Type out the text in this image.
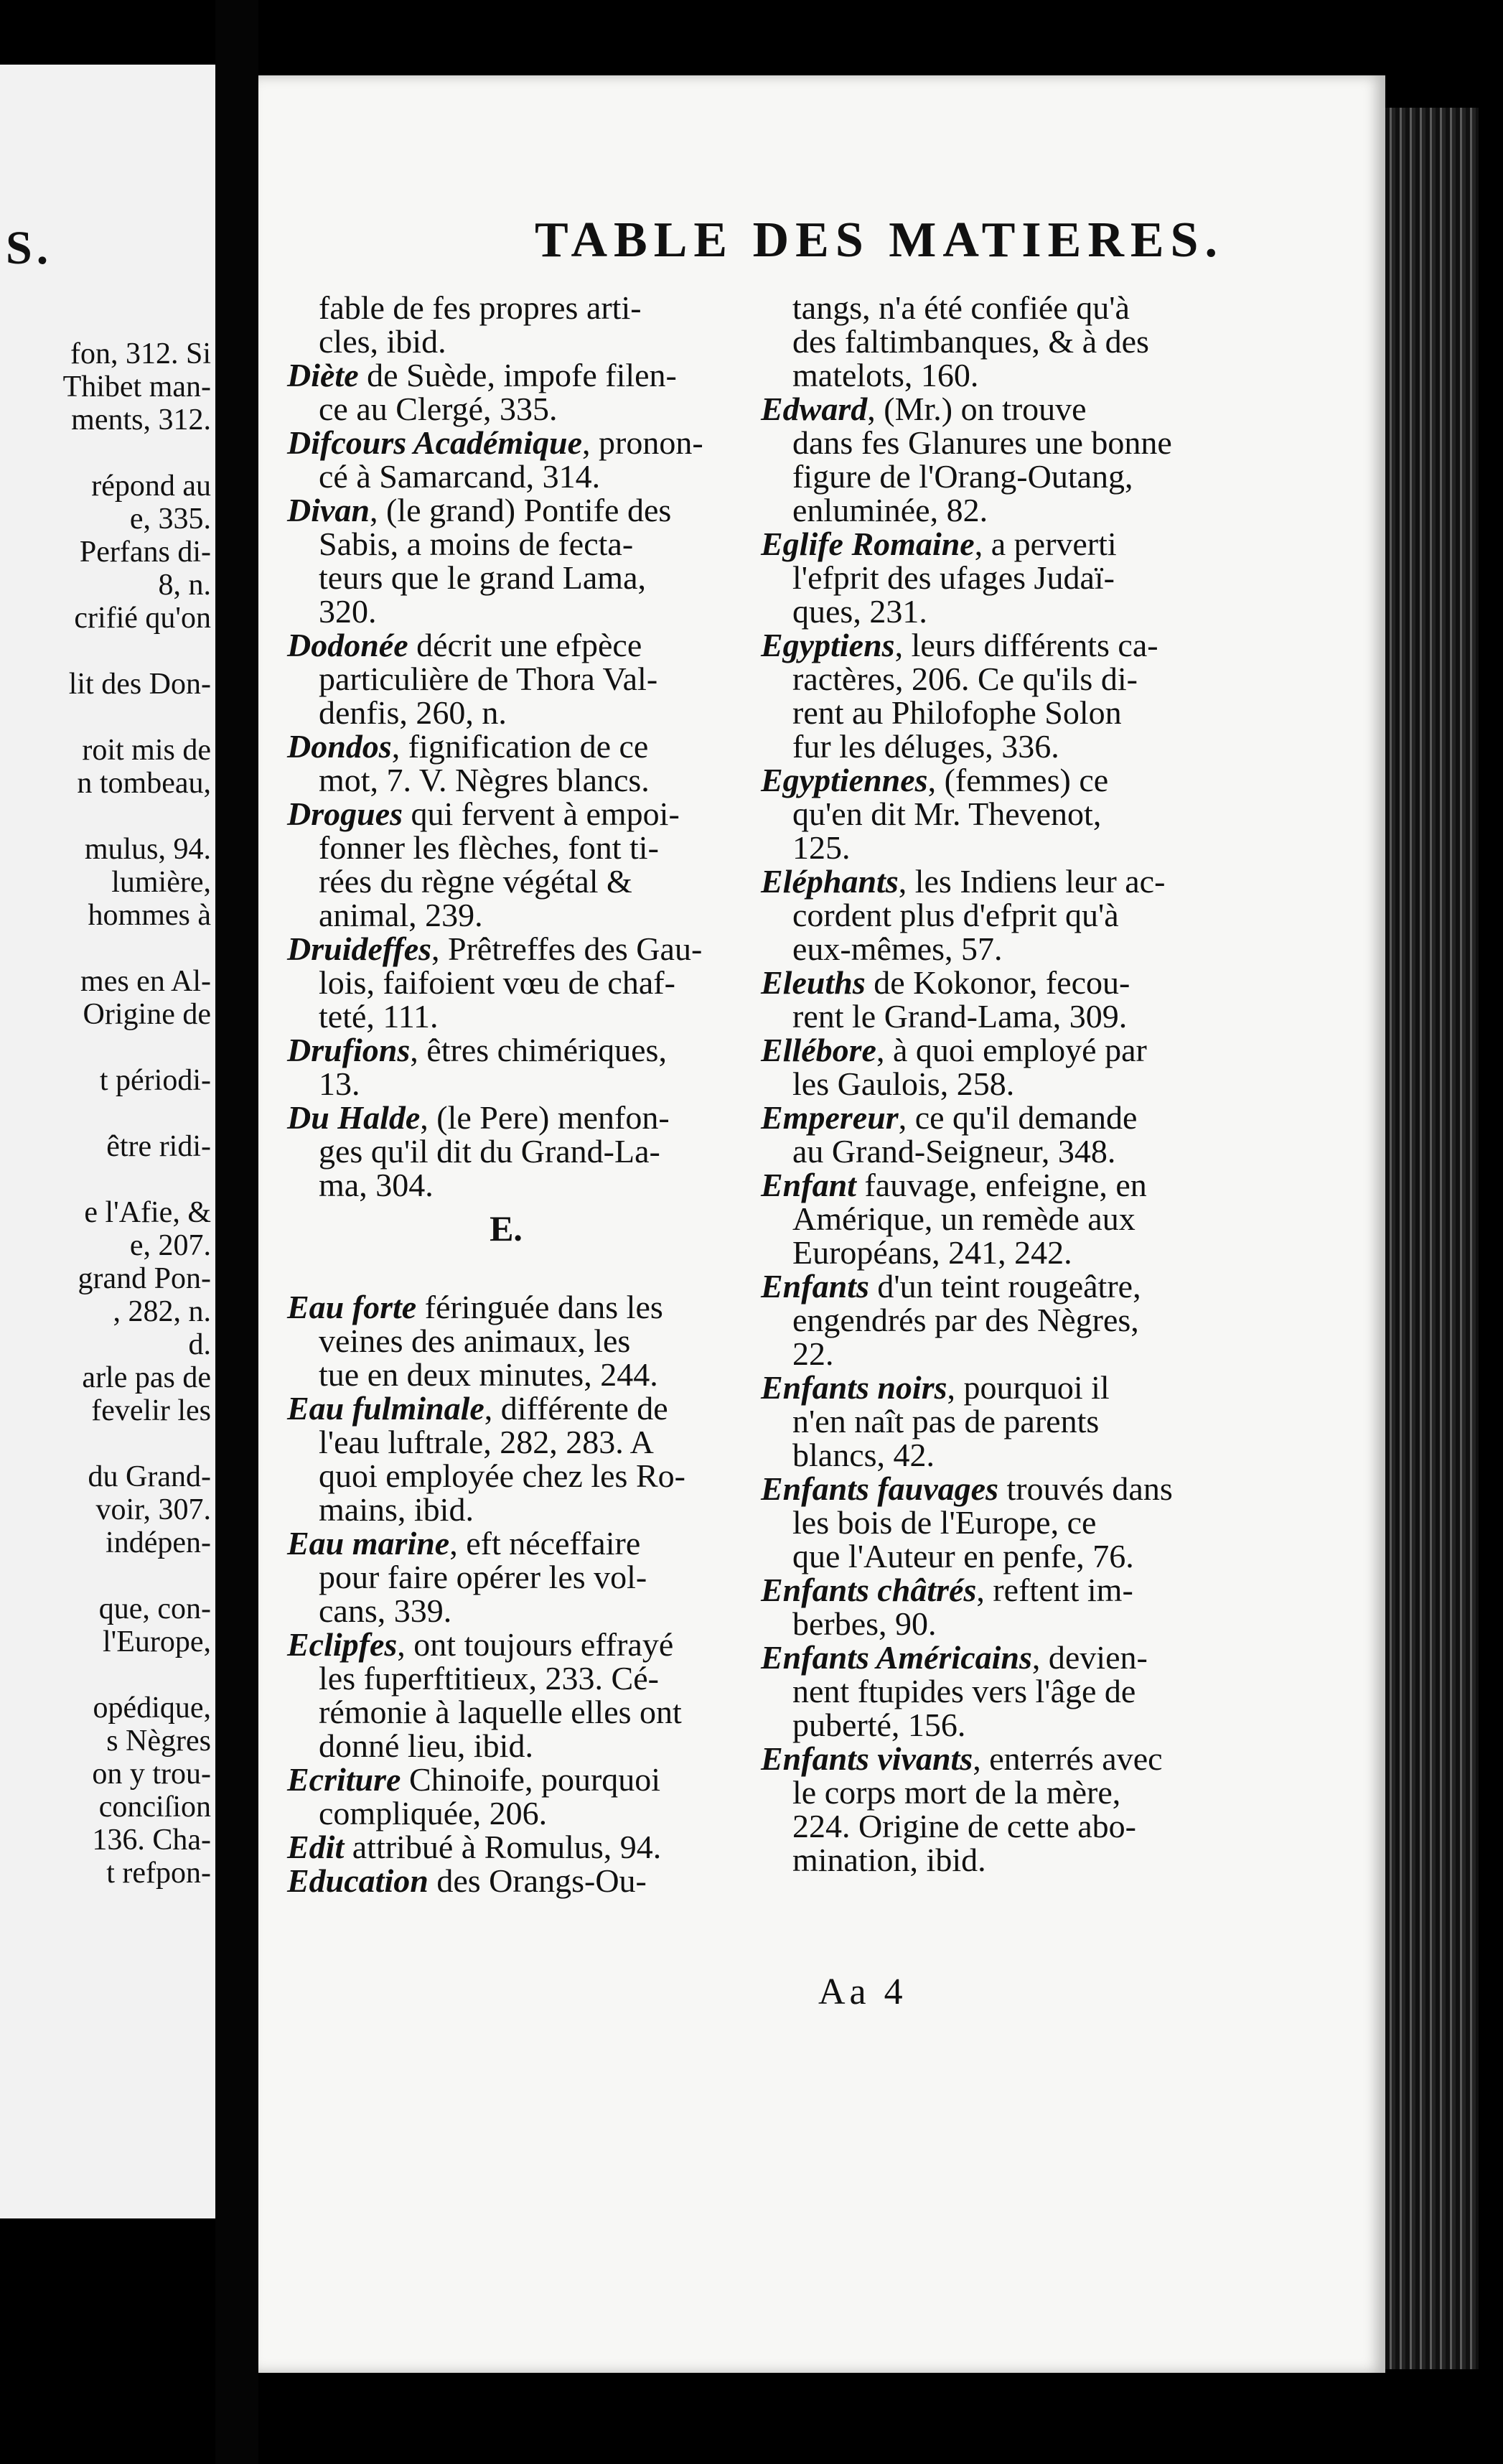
S.
fon, 312. Si
Thibet man-
ments, 312.
répond au
e, 335.
Perfans di-
8, n.
crifié qu'on
lit des Don-
roit mis de
n tombeau,
mulus, 94.
lumière,
hommes à
mes en Al-
Origine de
t périodi-
être ridi-
e l'Afie, &
e, 207.
grand Pon-
, 282, n.
d.
arle pas de
fevelir les
du Grand-
voir, 307.
indépen-
que, con-
l'Europe,
opédique,
s Nègres
on y trou-
conciſion
136. Cha-
t refpon-
TABLE DES MATIERES.
fable de fes propres arti-
cles, ibid.
Diète de Suède, impofe filen-
ce au Clergé, 335.
Difcours Académique, pronon-
cé à Samarcand, 314.
Divan, (le grand) Pontife des
Sabis, a moins de fecta-
teurs que le grand Lama,
320.
Dodonée décrit une efpèce
particulière de Thora Val-
denfis, 260, n.
Dondos, fignification de ce
mot, 7. V. Nègres blancs.
Drogues qui fervent à empoi-
fonner les flèches, font ti-
rées du règne végétal &
animal, 239.
Druideffes, Prêtreffes des Gau-
lois, faifoient vœu de chaf-
teté, 111.
Drufions, êtres chimériques,
13.
Du Halde, (le Pere) menfon-
ges qu'il dit du Grand-La-
ma, 304.
E.
Eau forte féringuée dans les
veines des animaux, les
tue en deux minutes, 244.
Eau fulminale, différente de
l'eau luftrale, 282, 283. A
quoi employée chez les Ro-
mains, ibid.
Eau marine, eft néceffaire
pour faire opérer les vol-
cans, 339.
Eclipfes, ont toujours effrayé
les fuperftitieux, 233. Cé-
rémonie à laquelle elles ont
donné lieu, ibid.
Ecriture Chinoife, pourquoi
compliquée, 206.
Edit attribué à Romulus, 94.
Education des Orangs-Ou-
tangs, n'a été confiée qu'à
des faltimbanques, & à des
matelots, 160.
Edward, (Mr.) on trouve
dans fes Glanures une bonne
figure de l'Orang-Outang,
enluminée, 82.
Eglife Romaine, a perverti
l'efprit des ufages Judaï-
ques, 231.
Egyptiens, leurs différents ca-
ractères, 206. Ce qu'ils di-
rent au Philofophe Solon
fur les déluges, 336.
Egyptiennes, (femmes) ce
qu'en dit Mr. Thevenot,
125.
Eléphants, les Indiens leur ac-
cordent plus d'efprit qu'à
eux-mêmes, 57.
Eleuths de Kokonor, fecou-
rent le Grand-Lama, 309.
Ellébore, à quoi employé par
les Gaulois, 258.
Empereur, ce qu'il demande
au Grand-Seigneur, 348.
Enfant fauvage, enfeigne, en
Amérique, un remède aux
Européans, 241, 242.
Enfants d'un teint rougeâtre,
engendrés par des Nègres,
22.
Enfants noirs, pourquoi il
n'en naît pas de parents
blancs, 42.
Enfants fauvages trouvés dans
les bois de l'Europe, ce
que l'Auteur en penfe, 76.
Enfants châtrés, reftent im-
berbes, 90.
Enfants Américains, devien-
nent ftupides vers l'âge de
puberté, 156.
Enfants vivants, enterrés avec
le corps mort de la mère,
224. Origine de cette abo-
mination, ibid.
Aa 4
